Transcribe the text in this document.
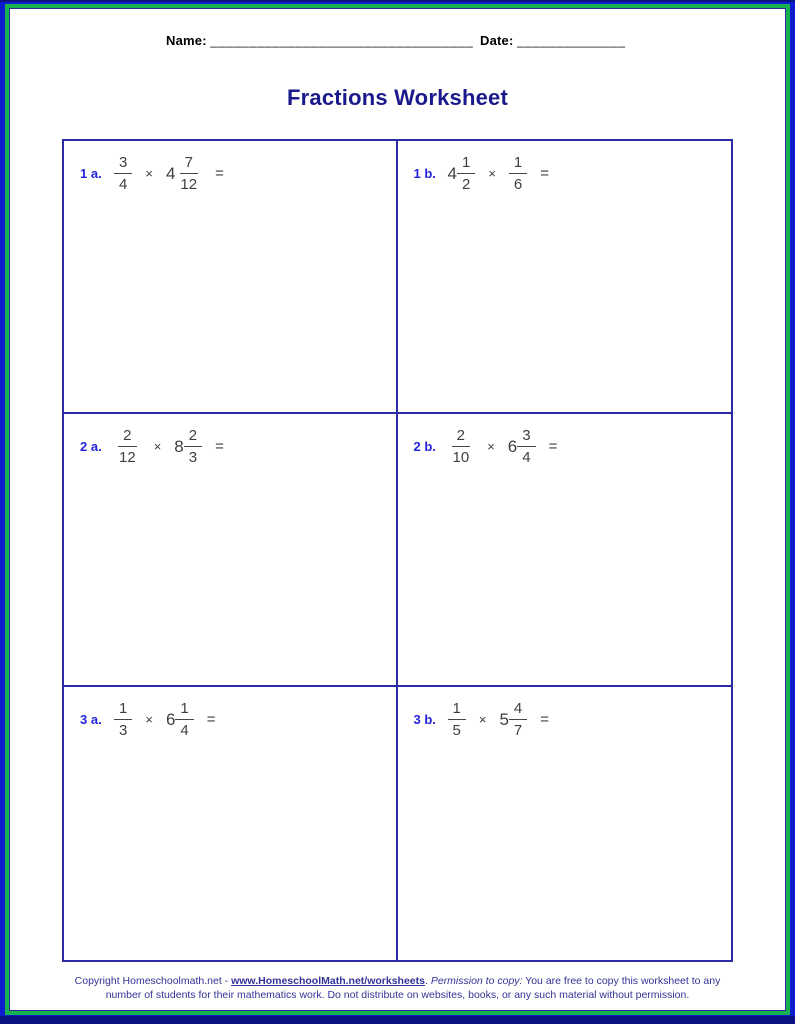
Name: __________________________________ Date: ______________
Fractions Worksheet
1 a. $\frac{3}{4} \times 4 \frac{7}{12}$ =	1 b. $4 \frac{1}{2} \times \frac{1}{6}$ =
2 a. $\frac{2}{12} \times 8 \frac{2}{3}$ =	2 b. $\frac{2}{10} \times 6 \frac{3}{4}$ =
3 a. $\frac{1}{3} \times 6 \frac{1}{4}$ =	3 b. $\frac{1}{5} \times 5 \frac{4}{7}$ =
Copyright Homeschoolmath.net - www.HomeschoolMath.net/worksheets. Permission to copy: You are free to copy this worksheet to any
number of students for their mathematics work. Do not distribute on websites, books, or any such material without permission.
